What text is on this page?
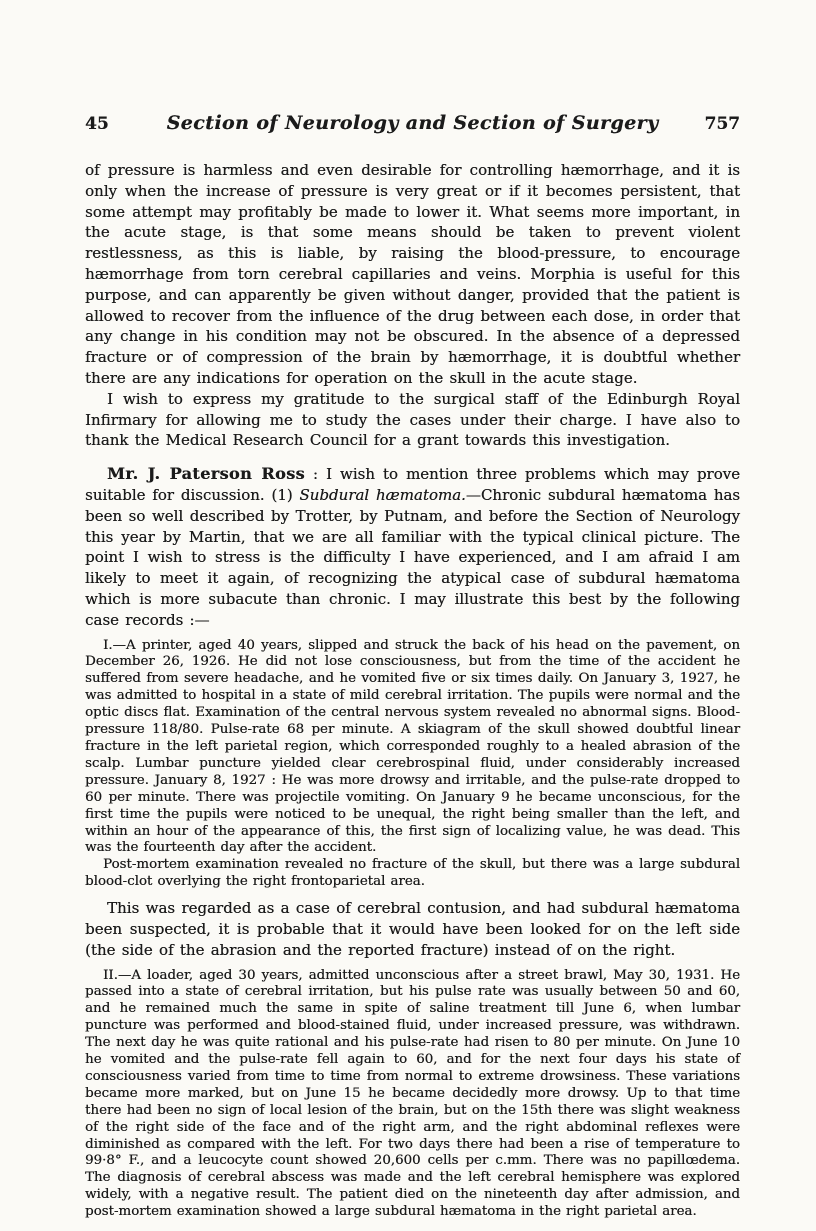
45	Section of Neurology and Section of Surgery	757

of pressure is harmless and even desirable for controlling hæmorrhage, and it is only when the increase of pressure is very great or if it becomes persistent, that some attempt may profitably be made to lower it. What seems more important, in the acute stage, is that some means should be taken to prevent violent restlessness, as this is liable, by raising the blood-pressure, to encourage hæmorrhage from torn cerebral capillaries and veins. Morphia is useful for this purpose, and can apparently be given without danger, provided that the patient is allowed to recover from the influence of the drug between each dose, in order that any change in his condition may not be obscured. In the absence of a depressed fracture or of compression of the brain by hæmorrhage, it is doubtful whether there are any indications for operation on the skull in the acute stage.

I wish to express my gratitude to the surgical staff of the Edinburgh Royal Infirmary for allowing me to study the cases under their charge. I have also to thank the Medical Research Council for a grant towards this investigation.

Mr. J. Paterson Ross : I wish to mention three problems which may prove suitable for discussion. (1) Subdural hæmatoma.—Chronic subdural hæmatoma has been so well described by Trotter, by Putnam, and before the Section of Neurology this year by Martin, that we are all familiar with the typical clinical picture. The point I wish to stress is the difficulty I have experienced, and I am afraid I am likely to meet it again, of recognizing the atypical case of subdural hæmatoma which is more subacute than chronic. I may illustrate this best by the following case records :—

I.—A printer, aged 40 years, slipped and struck the back of his head on the pavement, on December 26, 1926. He did not lose consciousness, but from the time of the accident he suffered from severe headache, and he vomited five or six times daily. On January 3, 1927, he was admitted to hospital in a state of mild cerebral irritation. The pupils were normal and the optic discs flat. Examination of the central nervous system revealed no abnormal signs. Blood-pressure 118/80. Pulse-rate 68 per minute. A skiagram of the skull showed doubtful linear fracture in the left parietal region, which corresponded roughly to a healed abrasion of the scalp. Lumbar puncture yielded clear cerebrospinal fluid, under considerably increased pressure. January 8, 1927 : He was more drowsy and irritable, and the pulse-rate dropped to 60 per minute. There was projectile vomiting. On January 9 he became unconscious, for the first time the pupils were noticed to be unequal, the right being smaller than the left, and within an hour of the appearance of this, the first sign of localizing value, he was dead. This was the fourteenth day after the accident.

Post-mortem examination revealed no fracture of the skull, but there was a large subdural blood-clot overlying the right frontoparietal area.

This was regarded as a case of cerebral contusion, and had subdural hæmatoma been suspected, it is probable that it would have been looked for on the left side (the side of the abrasion and the reported fracture) instead of on the right.

II.—A loader, aged 30 years, admitted unconscious after a street brawl, May 30, 1931. He passed into a state of cerebral irritation, but his pulse rate was usually between 50 and 60, and he remained much the same in spite of saline treatment till June 6, when lumbar puncture was performed and blood-stained fluid, under increased pressure, was withdrawn. The next day he was quite rational and his pulse-rate had risen to 80 per minute. On June 10 he vomited and the pulse-rate fell again to 60, and for the next four days his state of consciousness varied from time to time from normal to extreme drowsiness. These variations became more marked, but on June 15 he became decidedly more drowsy. Up to that time there had been no sign of local lesion of the brain, but on the 15th there was slight weakness of the right side of the face and of the right arm, and the right abdominal reflexes were diminished as compared with the left. For two days there had been a rise of temperature to 99·8° F., and a leucocyte count showed 20,600 cells per c.mm. There was no papillœdema. The diagnosis of cerebral abscess was made and the left cerebral hemisphere was explored widely, with a negative result. The patient died on the nineteenth day after admission, and post-mortem examination showed a large subdural hæmatoma in the right parietal area.
